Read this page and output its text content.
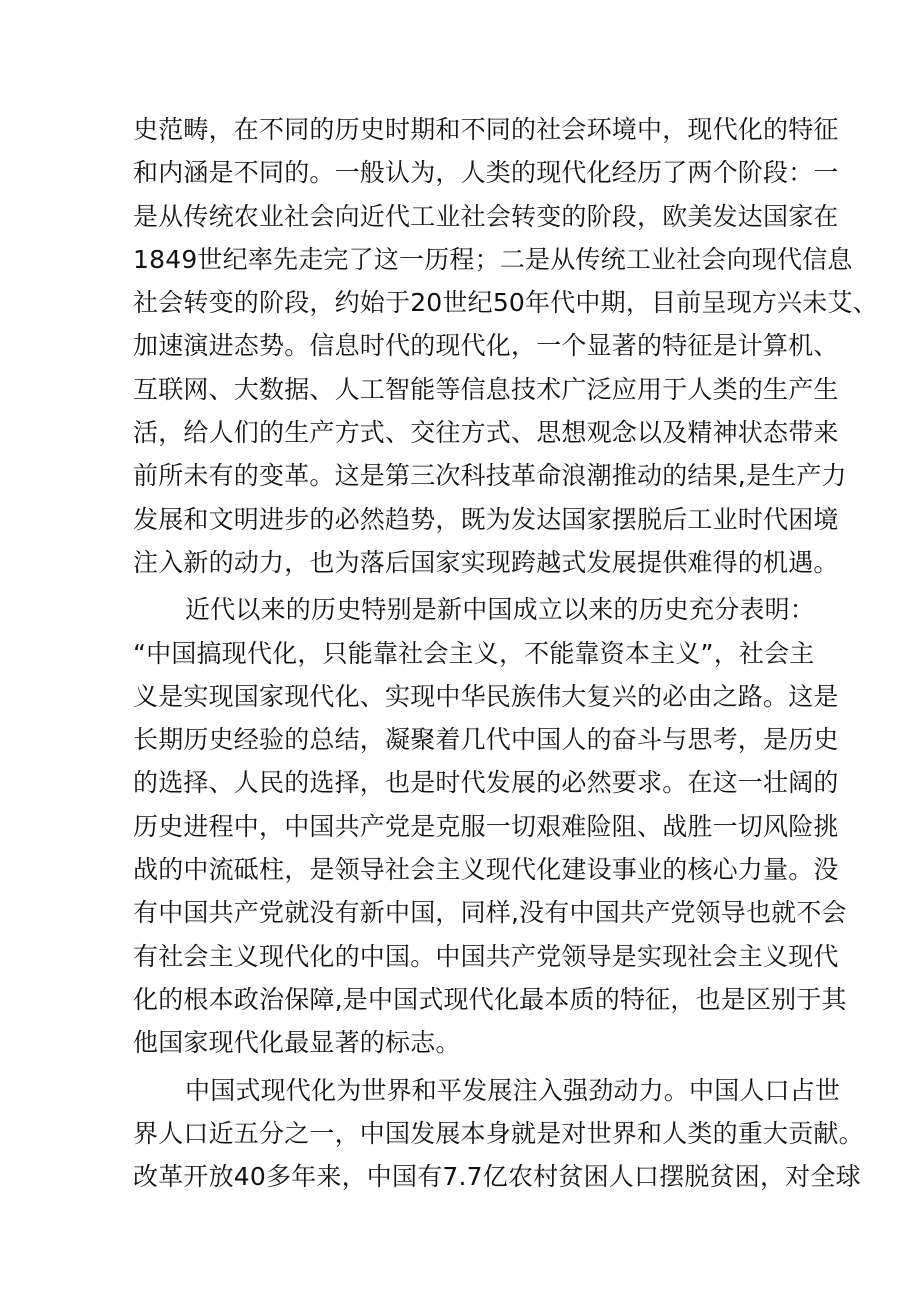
史范畴，在不同的历史时期和不同的社会环境中，现代化的特征
和内涵是不同的。一般认为，人类的现代化经历了两个阶段：一
是从传统农业社会向近代工业社会转变的阶段，欧美发达国家在
1849世纪率先走完了这一历程；二是从传统工业社会向现代信息
社会转变的阶段，约始于20世纪50年代中期，目前呈现方兴未艾、
加速演进态势。信息时代的现代化，一个显著的特征是计算机、
互联网、大数据、人工智能等信息技术广泛应用于人类的生产生
活，给人们的生产方式、交往方式、思想观念以及精神状态带来
前所未有的变革。这是第三次科技革命浪潮推动的结果,是生产力
发展和文明进步的必然趋势，既为发达国家摆脱后工业时代困境
注入新的动力，也为落后国家实现跨越式发展提供难得的机遇。
近代以来的历史特别是新中国成立以来的历史充分表明：
“中国搞现代化，只能靠社会主义，不能靠资本主义”，社会主
义是实现国家现代化、实现中华民族伟大复兴的必由之路。这是
长期历史经验的总结，凝聚着几代中国人的奋斗与思考，是历史
的选择、人民的选择，也是时代发展的必然要求。在这一壮阔的
历史进程中，中国共产党是克服一切艰难险阻、战胜一切风险挑
战的中流砥柱，是领导社会主义现代化建设事业的核心力量。没
有中国共产党就没有新中国，同样,没有中国共产党领导也就不会
有社会主义现代化的中国。中国共产党领导是实现社会主义现代
化的根本政治保障,是中国式现代化最本质的特征，也是区别于其
他国家现代化最显著的标志。
中国式现代化为世界和平发展注入强劲动力。中国人口占世
界人口近五分之一，中国发展本身就是对世界和人类的重大贡献。
改革开放40多年来，中国有7.7亿农村贫困人口摆脱贫困，对全球
